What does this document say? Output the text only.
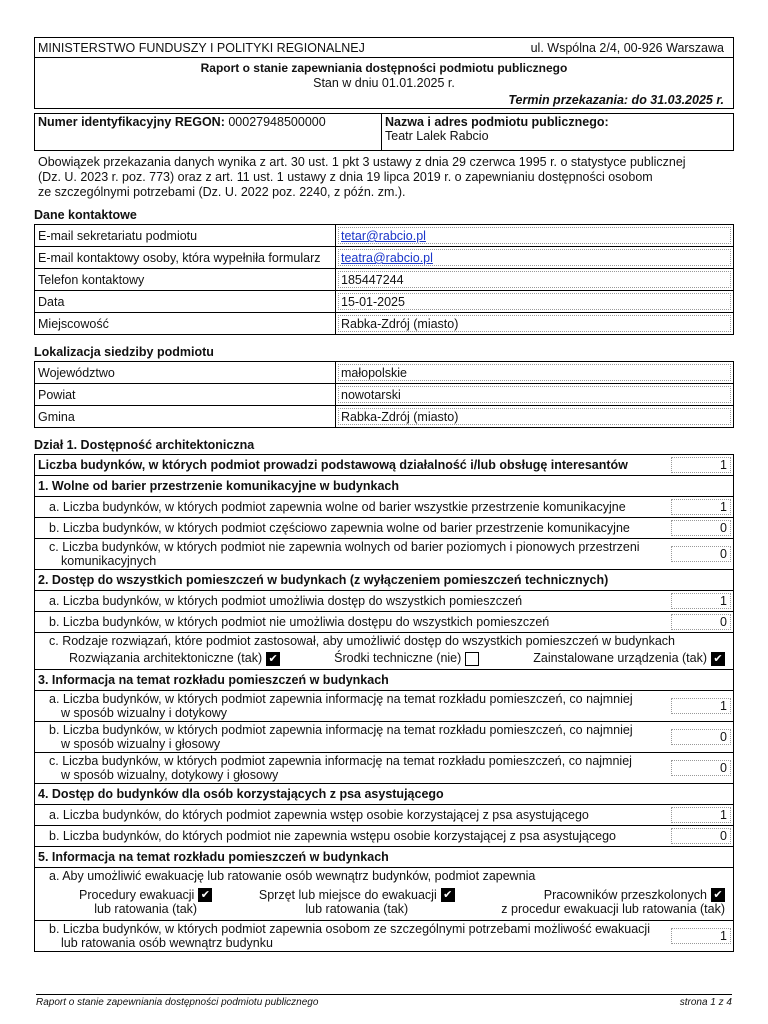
MINISTERSTWO FUNDUSZY I POLITYKI REGIONALNEJ	ul. Wspólna 2/4, 00-926 Warszawa
Raport o stanie zapewniania dostępności podmiotu publicznego
Stan w dniu 01.01.2025 r.
Termin przekazania: do 31.03.2025 r.
Numer identyfikacyjny REGON: 00027948500000	Nazwa i adres podmiotu publicznego:
Teatr Lalek Rabcio
Obowiązek przekazania danych wynika z art. 30 ust. 1 pkt 3 ustawy z dnia 29 czerwca 1995 r. o statystyce publicznej
(Dz. U. 2023 r. poz. 773) oraz z art. 11 ust. 1 ustawy z dnia 19 lipca 2019 r. o zapewnianiu dostępności osobom
ze szczególnymi potrzebami (Dz. U. 2022 poz. 2240, z późn. zm.).
Dane kontaktowe
E-mail sekretariatu podmiotu	tetar@rabcio.pl

E-mail kontaktowy osoby, która wypełniła formularz	teatra@rabcio.pl

Telefon kontaktowy	185447244

Data	15-01-2025

Miejscowość	Rabka-Zdrój (miasto)
Lokalizacja siedziby podmiotu
Województwo	małopolskie

Powiat	nowotarski

Gmina	Rabka-Zdrój (miasto)
Dział 1. Dostępność architektoniczna
Liczba budynków, w których podmiot prowadzi podstawową działalność i/lub obsługę interesantów	1
1. Wolne od barier przestrzenie komunikacyjne w budynkach
a. Liczba budynków, w których podmiot zapewnia wolne od barier wszystkie przestrzenie komunikacyjne	1
b. Liczba budynków, w których podmiot częściowo zapewnia wolne od barier przestrzenie komunikacyjne	0
c. Liczba budynków, w których podmiot nie zapewnia wolnych od barier poziomych i pionowych przestrzeni
komunikacyjnych	0
2. Dostęp do wszystkich pomieszczeń w budynkach (z wyłączeniem pomieszczeń technicznych)
a. Liczba budynków, w których podmiot umożliwia dostęp do wszystkich pomieszczeń	1
b. Liczba budynków, w których podmiot nie umożliwia dostępu do wszystkich pomieszczeń	0
c. Rodzaje rozwiązań, które podmiot zastosował, aby umożliwić dostęp do wszystkich pomieszczeń w budynkach
Rozwiązania architektoniczne (tak) ✔	Środki techniczne (nie)	Zainstalowane urządzenia (tak) ✔
3. Informacja na temat rozkładu pomieszczeń w budynkach
a. Liczba budynków, w których podmiot zapewnia informację na temat rozkładu pomieszczeń, co najmniej
w sposób wizualny i dotykowy	1
b. Liczba budynków, w których podmiot zapewnia informację na temat rozkładu pomieszczeń, co najmniej
w sposób wizualny i głosowy	0
c. Liczba budynków, w których podmiot zapewnia informację na temat rozkładu pomieszczeń, co najmniej
w sposób wizualny, dotykowy i głosowy	0
4. Dostęp do budynków dla osób korzystających z psa asystującego
a. Liczba budynków, do których podmiot zapewnia wstęp osobie korzystającej z psa asystującego	1
b. Liczba budynków, do których podmiot nie zapewnia wstępu osobie korzystającej z psa asystującego	0
5. Informacja na temat rozkładu pomieszczeń w budynkach
a. Aby umożliwić ewakuację lub ratowanie osób wewnątrz budynków, podmiot zapewnia
Procedury ewakuacji ✔
lub ratowania (tak)
Sprzęt lub miejsce do ewakuacji ✔
lub ratowania (tak)
Pracowników przeszkolonych ✔
z procedur ewakuacji lub ratowania (tak)
b. Liczba budynków, w których podmiot zapewnia osobom ze szczególnymi potrzebami możliwość ewakuacji
lub ratowania osób wewnątrz budynku	1
Raport o stanie zapewniania dostępności podmiotu publicznego	strona 1 z 4
